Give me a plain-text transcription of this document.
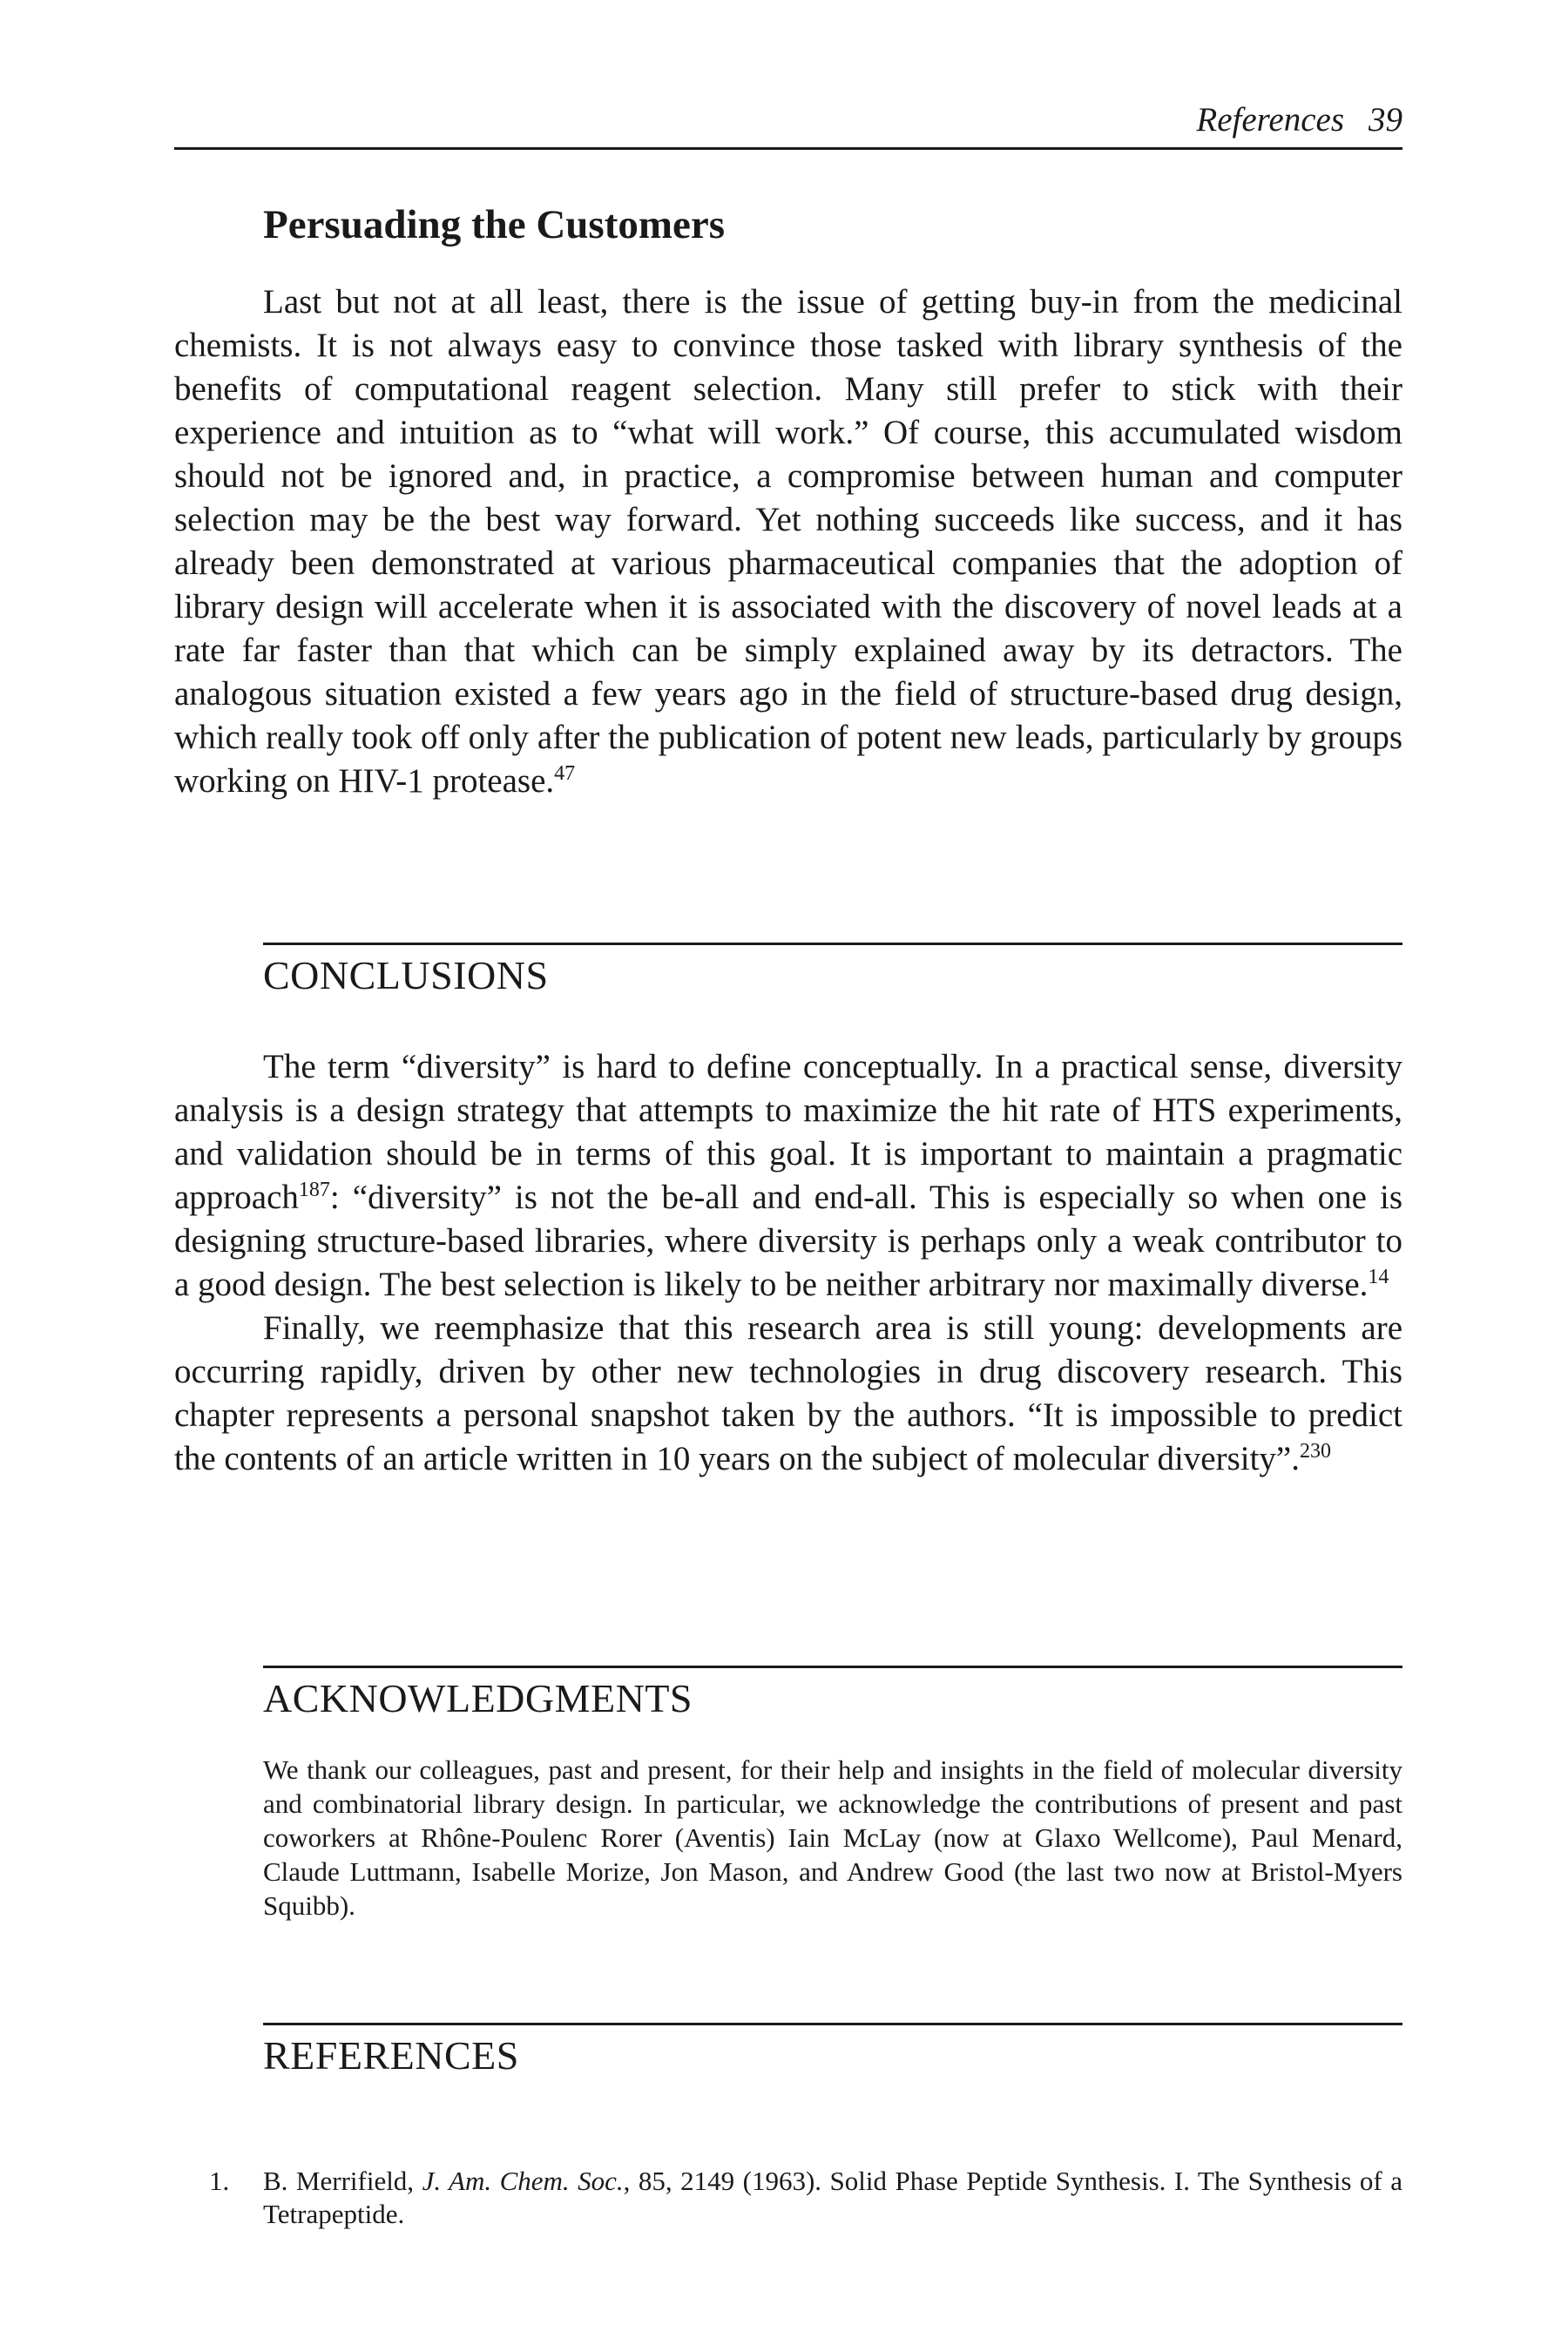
References 39
Persuading the Customers

Last but not at all least, there is the issue of getting buy-in from the medicinal chemists. It is not always easy to convince those tasked with library synthesis of the benefits of computational reagent selection. Many still prefer to stick with their experience and intuition as to “what will work.” Of course, this accumulated wisdom should not be ignored and, in practice, a compromise between human and computer selection may be the best way forward. Yet nothing succeeds like success, and it has already been demonstrated at various pharmaceutical companies that the adoption of library design will accelerate when it is associated with the discovery of novel leads at a rate far faster than that which can be simply explained away by its detractors. The analogous situation existed a few years ago in the field of structure-based drug design, which really took off only after the publication of potent new leads, particularly by groups working on HIV-1 protease.$^{47}$

CONCLUSIONS

The term “diversity” is hard to define conceptually. In a practical sense, diversity analysis is a design strategy that attempts to maximize the hit rate of HTS experiments, and validation should be in terms of this goal. It is important to maintain a pragmatic approach$^{187}$: “diversity” is not the be-all and end-all. This is especially so when one is designing structure-based libraries, where diversity is perhaps only a weak contributor to a good design. The best selection is likely to be neither arbitrary nor maximally diverse.$^{14}$

Finally, we reemphasize that this research area is still young: developments are occurring rapidly, driven by other new technologies in drug discovery research. This chapter represents a personal snapshot taken by the authors. “It is impossible to predict the contents of an article written in 10 years on the subject of molecular diversity”.$^{230}$

ACKNOWLEDGMENTS

We thank our colleagues, past and present, for their help and insights in the field of molecular diversity and combinatorial library design. In particular, we acknowledge the contributions of present and past coworkers at Rhône-Poulenc Rorer (Aventis) Iain McLay (now at Glaxo Wellcome), Paul Menard, Claude Luttmann, Isabelle Morize, Jon Mason, and Andrew Good (the last two now at Bristol-Myers Squibb).

REFERENCES
1.	B. Merrifield, J. Am. Chem. Soc., 85, 2149 (1963). Solid Phase Peptide Synthesis. I. The Synthesis of a Tetrapeptide.
